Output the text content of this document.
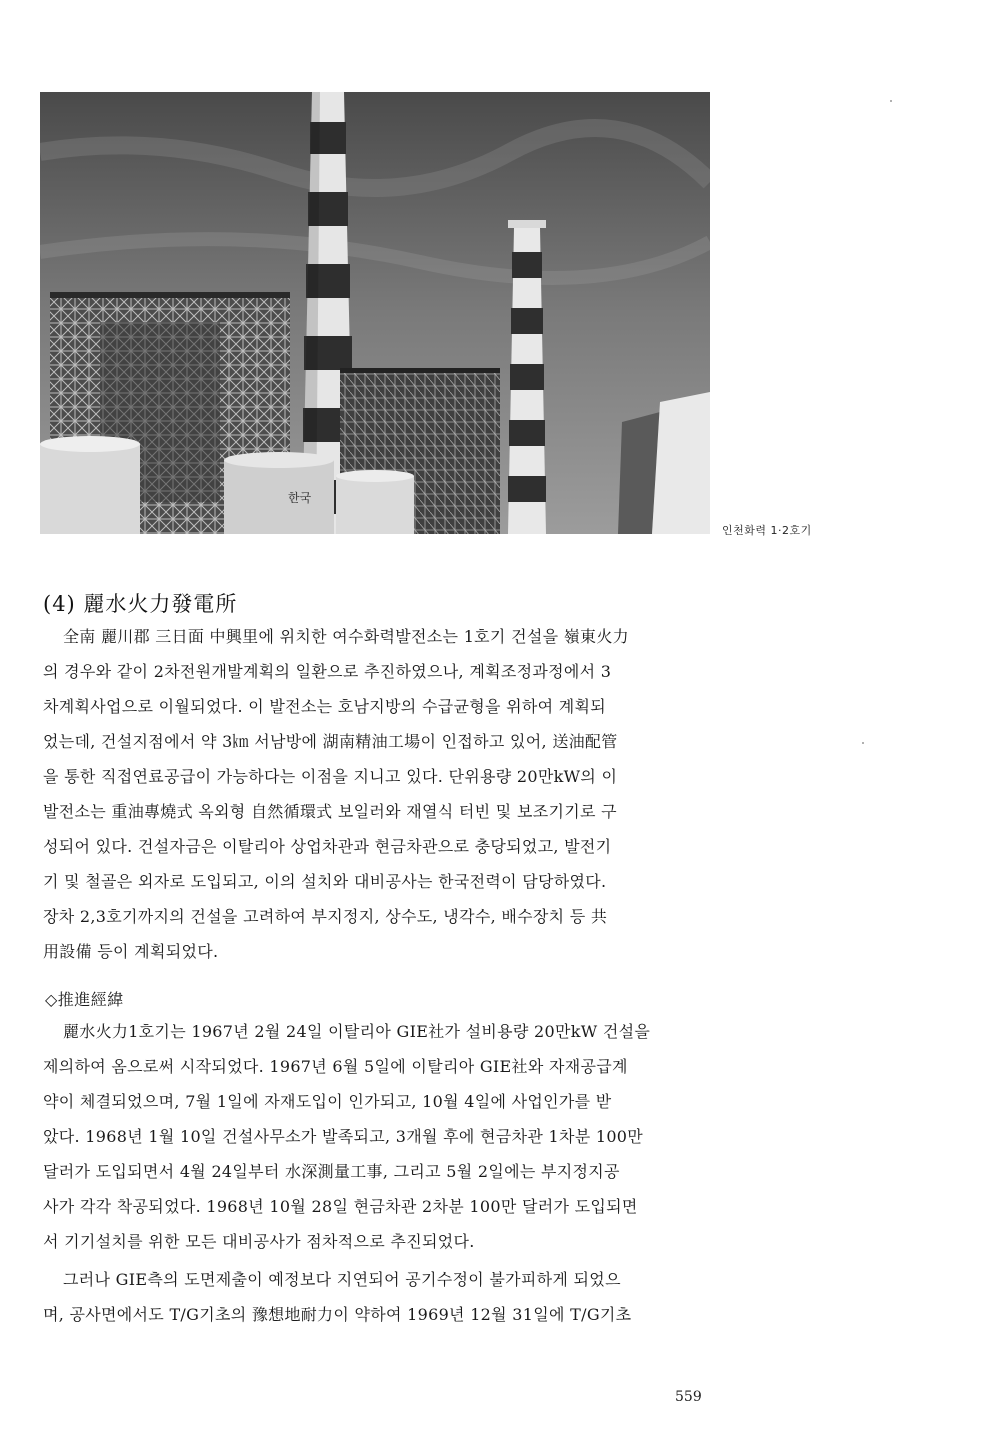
한국
인천화력 1·2호기
(4) 麗水火力發電所
全南 麗川郡 三日面 中興里에 위치한 여수화력발전소는 1호기 건설을 嶺東火力
의 경우와 같이 2차전원개발계획의 일환으로 추진하였으나, 계획조정과정에서 3
차계획사업으로 이월되었다. 이 발전소는 호남지방의 수급균형을 위하여 계획되
었는데, 건설지점에서 약 3㎞ 서남방에 湖南精油工場이 인접하고 있어, 送油配管
을 통한 직접연료공급이 가능하다는 이점을 지니고 있다. 단위용량 20만kW의 이
발전소는 重油專燒式 옥외형 自然循環式 보일러와 재열식 터빈 및 보조기기로 구
성되어 있다. 건설자금은 이탈리아 상업차관과 현금차관으로 충당되었고, 발전기
기 및 철골은 외자로 도입되고, 이의 설치와 대비공사는 한국전력이 담당하였다.
장차 2,3호기까지의 건설을 고려하여 부지정지, 상수도, 냉각수, 배수장치 등 共
用設備 등이 계획되었다.
◇推進經緯
麗水火力1호기는 1967년 2월 24일 이탈리아 GIE社가 설비용량 20만kW 건설을
제의하여 옴으로써 시작되었다. 1967년 6월 5일에 이탈리아 GIE社와 자재공급계
약이 체결되었으며, 7월 1일에 자재도입이 인가되고, 10월 4일에 사업인가를 받
았다. 1968년 1월 10일 건설사무소가 발족되고, 3개월 후에 현금차관 1차분 100만
달러가 도입되면서 4월 24일부터 水深測量工事, 그리고 5월 2일에는 부지정지공
사가 각각 착공되었다. 1968년 10월 28일 현금차관 2차분 100만 달러가 도입되면
서 기기설치를 위한 모든 대비공사가 점차적으로 추진되었다.
그러나 GIE측의 도면제출이 예정보다 지연되어 공기수정이 불가피하게 되었으
며, 공사면에서도 T/G기초의 豫想地耐力이 약하여 1969년 12월 31일에 T/G기초
559
